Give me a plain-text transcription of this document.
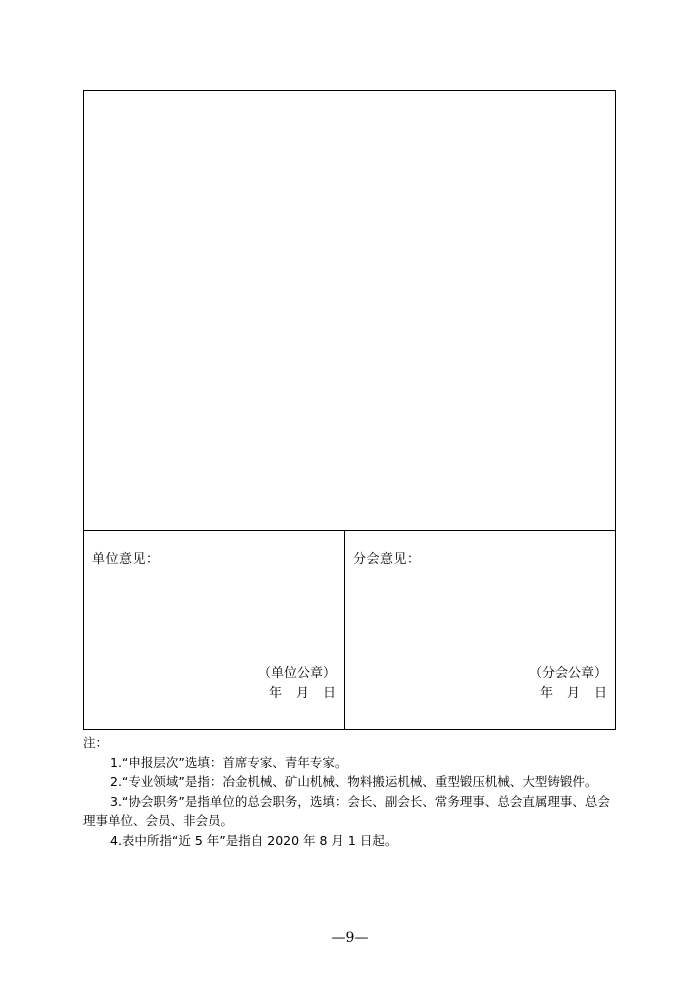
单位意见：
（单位公章）
年 月 日
分会意见：
（分会公章）
年 月 日

注：

1.“申报层次”选填：首席专家、青年专家。

2.“专业领域”是指：冶金机械、矿山机械、物料搬运机械、重型锻压机械、大型铸锻件。

3.“协会职务”是指单位的总会职务，选填：会长、副会长、常务理事、总会直属理事、总会理事单位、会员、非会员。

4.表中所指“近 5 年”是指自 2020 年 8 月 1 日起。

—9—
